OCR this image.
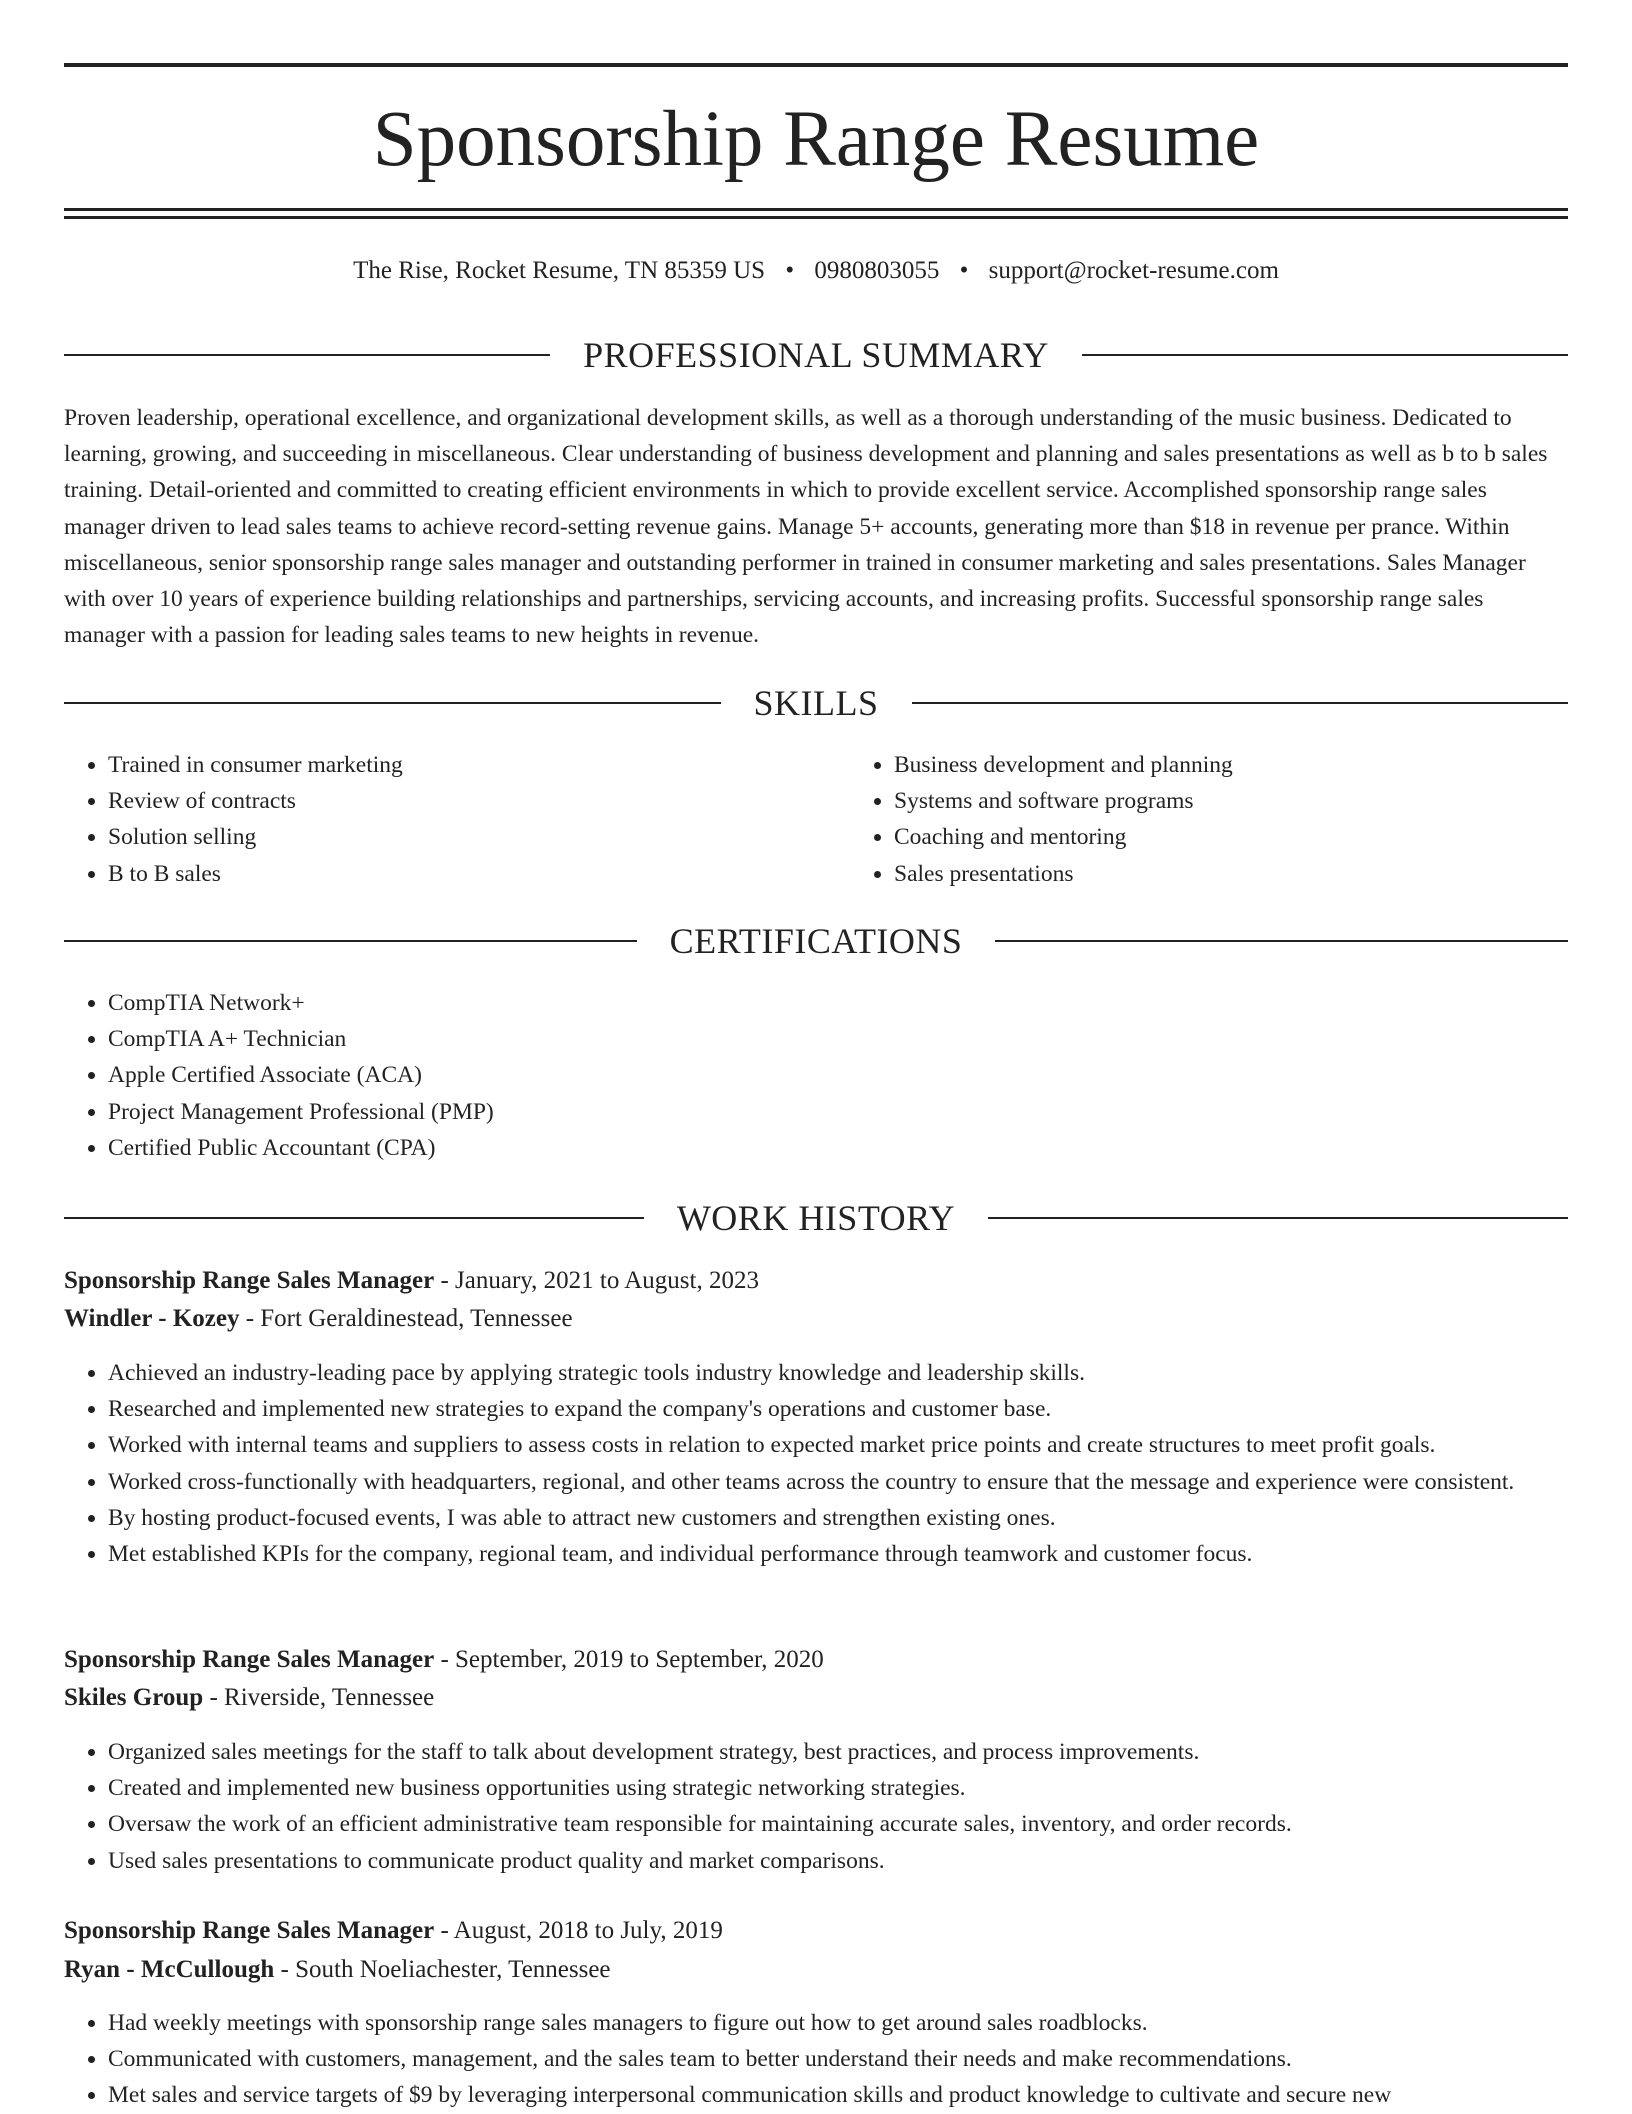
Sponsorship Range Resume
The Rise, Rocket Resume, TN 85359 US • 0980803055 • support@rocket-resume.com
PROFESSIONAL SUMMARY

Proven leadership, operational excellence, and organizational development skills, as well as a thorough understanding of the music business. Dedicated to learning, growing, and succeeding in miscellaneous. Clear understanding of business development and planning and sales presentations as well as b to b sales training. Detail-oriented and committed to creating efficient environments in which to provide excellent service. Accomplished sponsorship range sales manager driven to lead sales teams to achieve record-setting revenue gains. Manage 5+ accounts, generating more than $18 in revenue per prance. Within miscellaneous, senior sponsorship range sales manager and outstanding performer in trained in consumer marketing and sales presentations. Sales Manager with over 10 years of experience building relationships and partnerships, servicing accounts, and increasing profits. Successful sponsorship range sales manager with a passion for leading sales teams to new heights in revenue.

SKILLS
• Trained in consumer marketing
• Review of contracts
• Solution selling
• B to B sales
• Business development and planning
• Systems and software programs
• Coaching and mentoring
• Sales presentations
CERTIFICATIONS
• CompTIA Network+
• CompTIA A+ Technician
• Apple Certified Associate (ACA)
• Project Management Professional (PMP)
• Certified Public Accountant (CPA)
WORK HISTORY
Sponsorship Range Sales Manager - January, 2021 to August, 2023
Windler - Kozey - Fort Geraldinestead, Tennessee
• Achieved an industry-leading pace by applying strategic tools industry knowledge and leadership skills.
• Researched and implemented new strategies to expand the company's operations and customer base.
• Worked with internal teams and suppliers to assess costs in relation to expected market price points and create structures to meet profit goals.
• Worked cross-functionally with headquarters, regional, and other teams across the country to ensure that the message and experience were consistent.
• By hosting product-focused events, I was able to attract new customers and strengthen existing ones.
• Met established KPIs for the company, regional team, and individual performance through teamwork and customer focus.
Sponsorship Range Sales Manager - September, 2019 to September, 2020
Skiles Group - Riverside, Tennessee
• Organized sales meetings for the staff to talk about development strategy, best practices, and process improvements.
• Created and implemented new business opportunities using strategic networking strategies.
• Oversaw the work of an efficient administrative team responsible for maintaining accurate sales, inventory, and order records.
• Used sales presentations to communicate product quality and market comparisons.
Sponsorship Range Sales Manager - August, 2018 to July, 2019
Ryan - McCullough - South Noeliachester, Tennessee
• Had weekly meetings with sponsorship range sales managers to figure out how to get around sales roadblocks.
• Communicated with customers, management, and the sales team to better understand their needs and make recommendations.
• Met sales and service targets of $9 by leveraging interpersonal communication skills and product knowledge to cultivate and secure new
